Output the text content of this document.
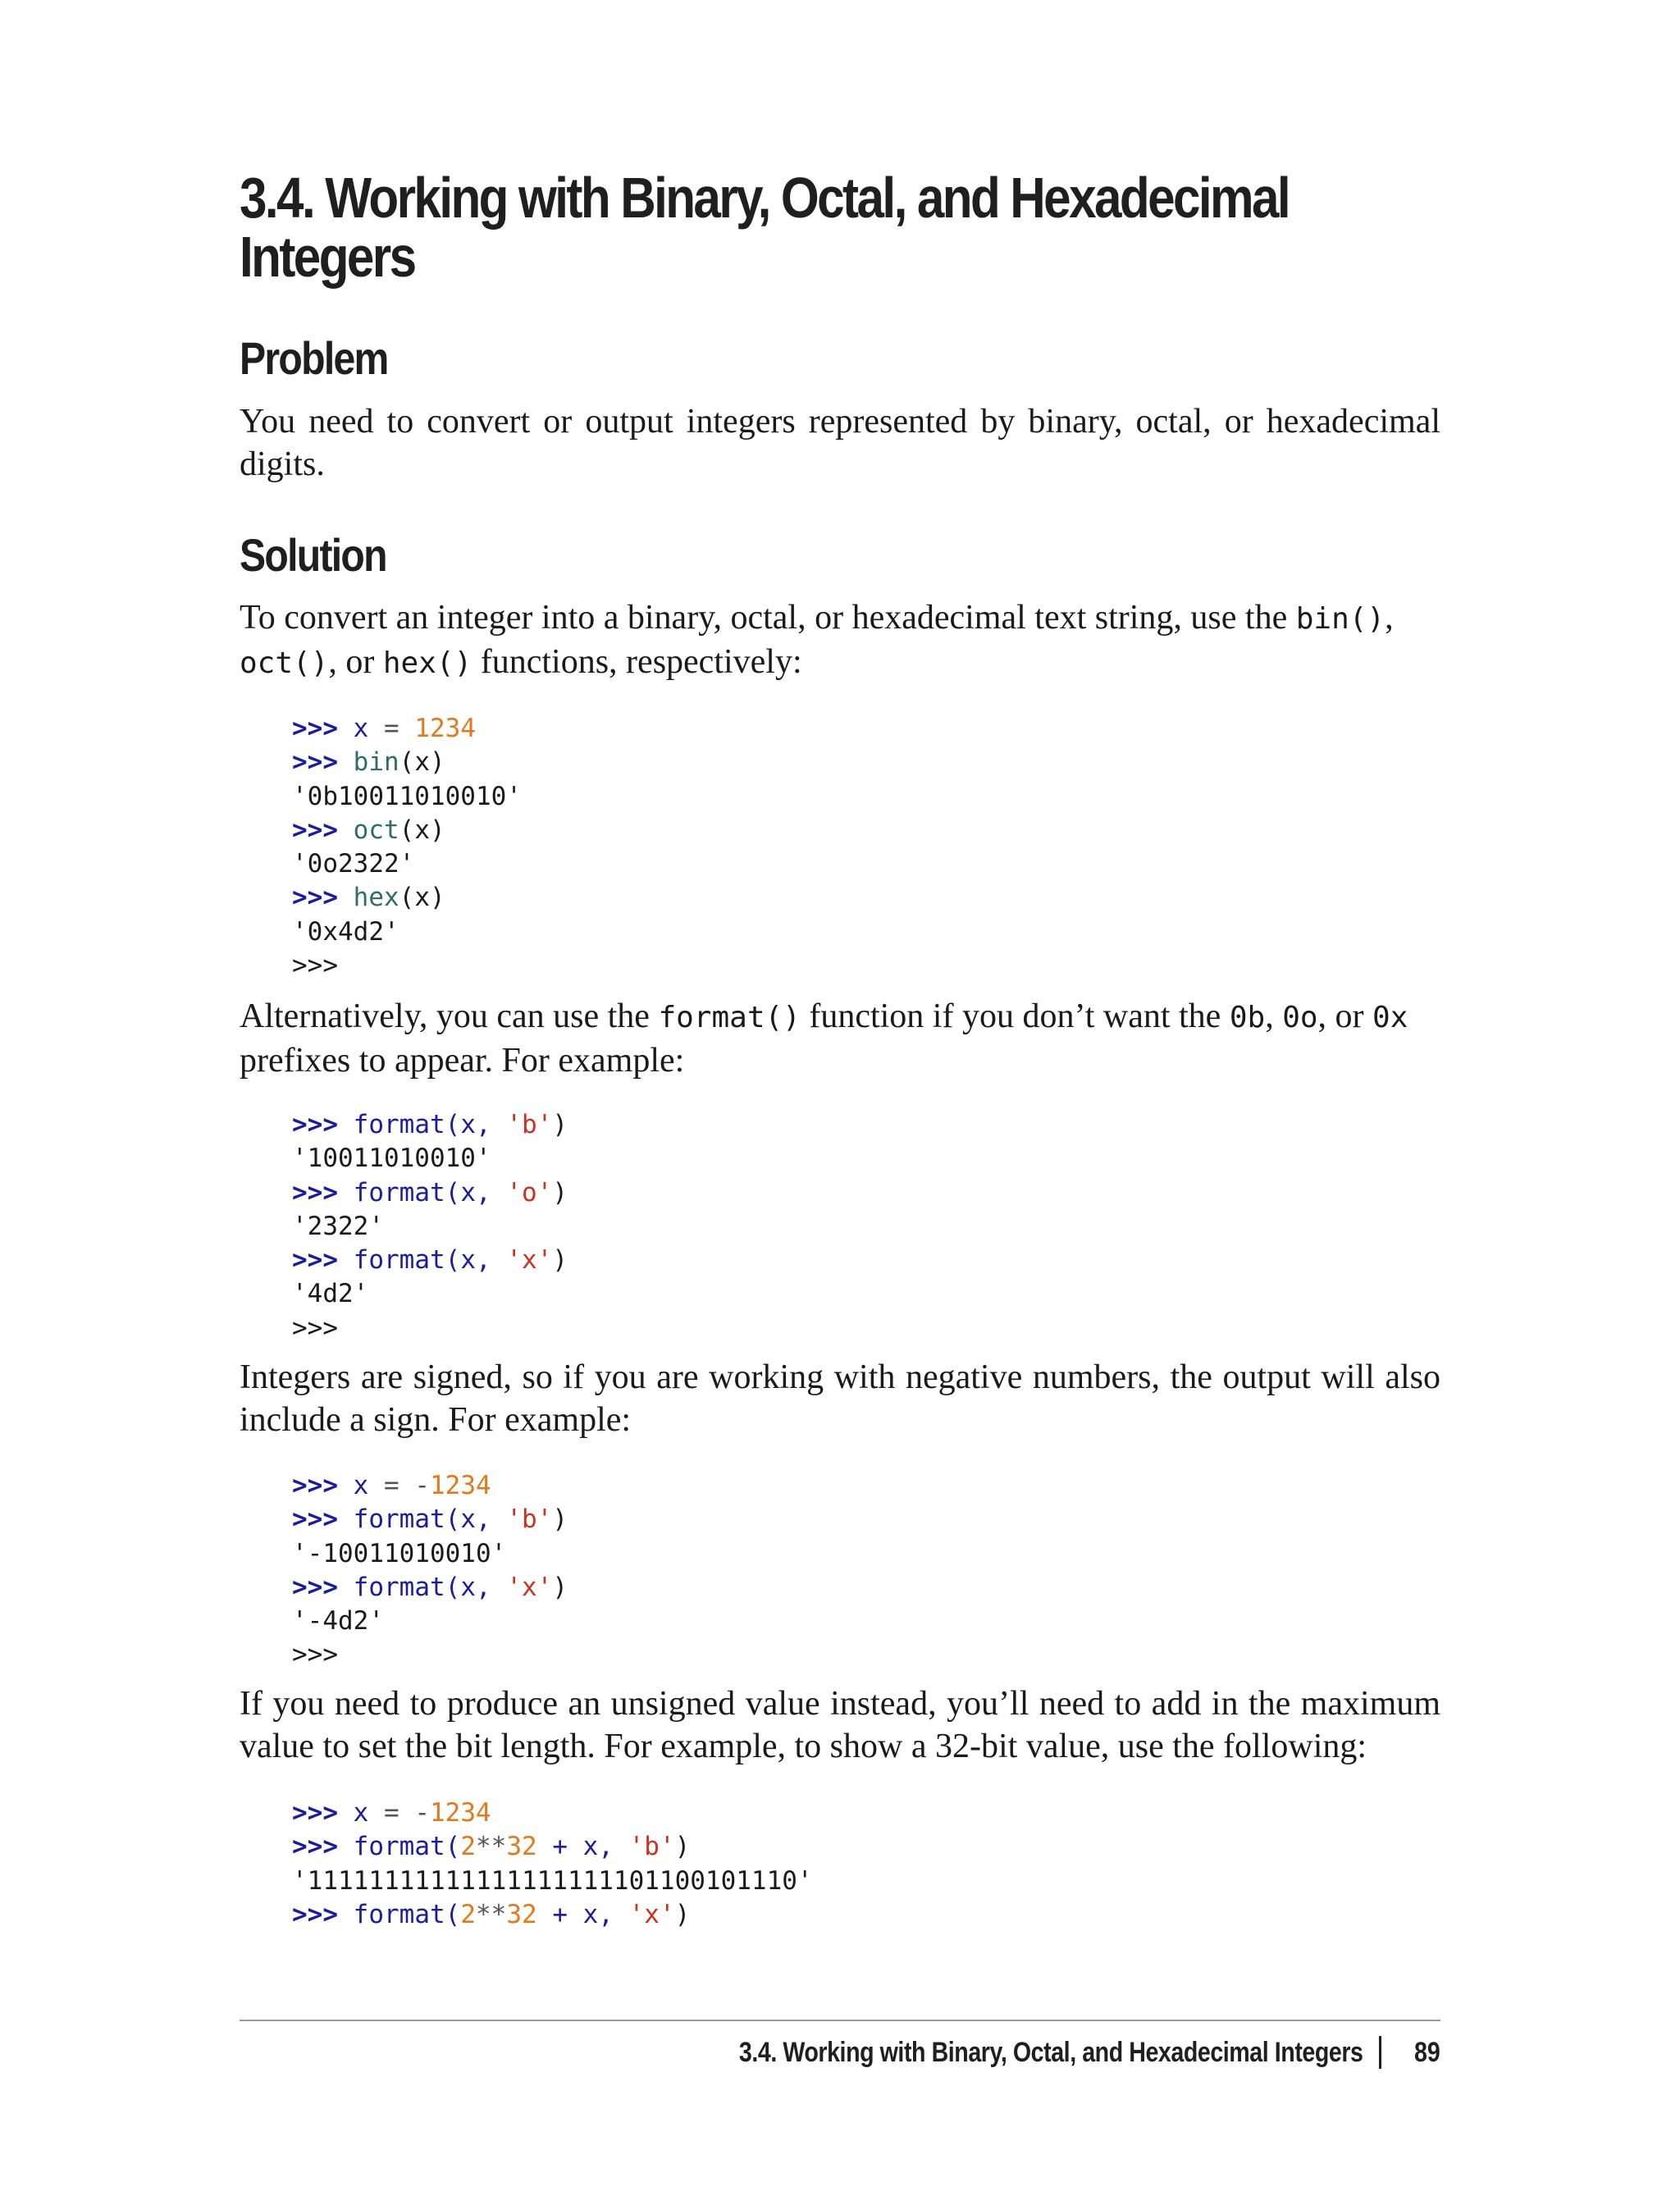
3.4. Working with Binary, Octal, and Hexadecimal
Integers
Problem

You need to convert or output integers represented by binary, octal, or hexadecimal digits.

Solution

To convert an integer into a binary, octal, or hexadecimal text string, use the bin(),
oct(), or hex() functions, respectively:

>>> x = 1234
>>> bin(x)
'0b10011010010'
>>> oct(x)
'0o2322'
>>> hex(x)
'0x4d2'
>>>

Alternatively, you can use the format() function if you don’t want the 0b, 0o, or 0x
prefixes to appear. For example:

>>> format(x, 'b')
'10011010010'
>>> format(x, 'o')
'2322'
>>> format(x, 'x')
'4d2'
>>>

Integers are signed, so if you are working with negative numbers, the output will also include a sign. For example:

>>> x = -1234
>>> format(x, 'b')
'-10011010010'
>>> format(x, 'x')
'-4d2'
>>>

If you need to produce an unsigned value instead, you’ll need to add in the maximum value to set the bit length. For example, to show a 32-bit value, use the following:

>>> x = -1234
>>> format(2**32 + x, 'b')
'11111111111111111111101100101110'
>>> format(2**32 + x, 'x')
3.4. Working with Binary, Octal, and Hexadecimal Integers 89
